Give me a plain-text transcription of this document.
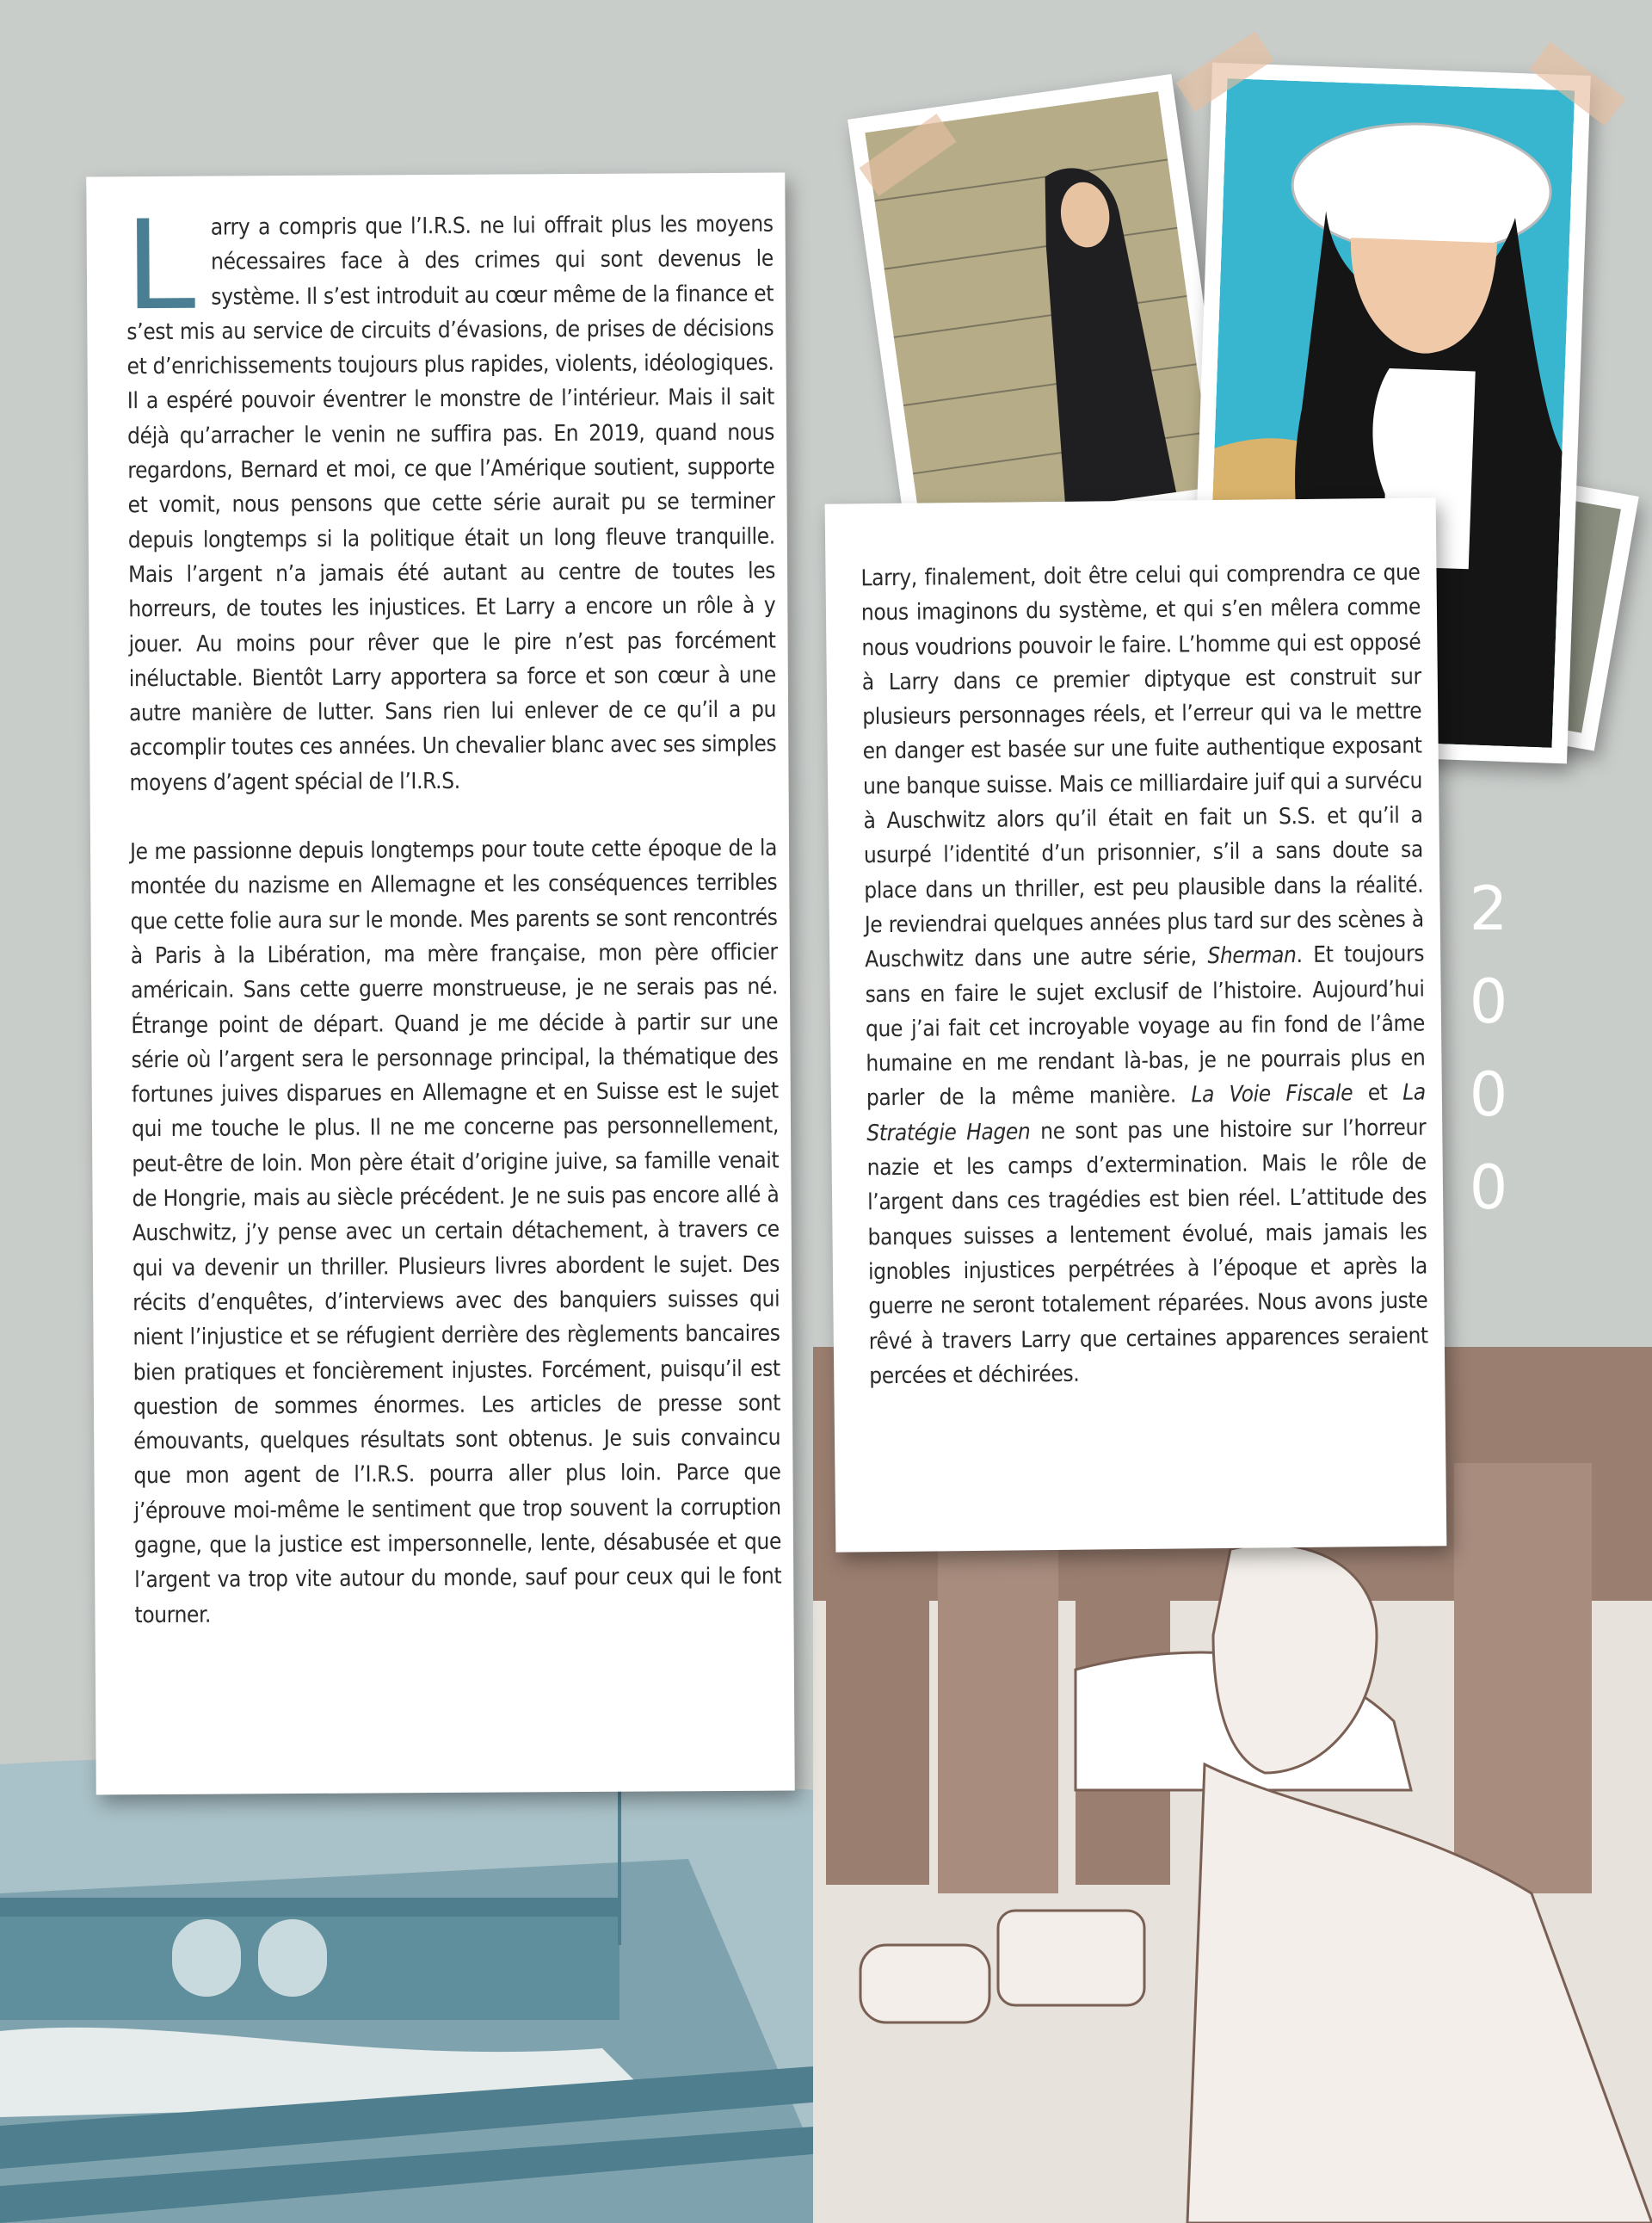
Larry a compris que l’I.R.S. ne lui offrait plus les moyens nécessaires face à des crimes qui sont devenus le système. Il s’est introduit au cœur même de la finance et s’est mis au service de circuits d’évasions, de prises de décisions et d’enrichissements toujours plus rapides, violents, idéologiques. Il a espéré pouvoir éventrer le monstre de l’intérieur. Mais il sait déjà qu’arracher le venin ne suffira pas. En 2019, quand nous regardons, Bernard et moi, ce que l’Amérique soutient, supporte et vomit, nous pensons que cette série aurait pu se terminer depuis longtemps si la politique était un long fleuve tranquille. Mais l’argent n’a jamais été autant au centre de toutes les horreurs, de toutes les injustices. Et Larry a encore un rôle à y jouer. Au moins pour rêver que le pire n’est pas forcément inéluctable. Bientôt Larry apportera sa force et son cœur à une autre manière de lutter. Sans rien lui enlever de ce qu’il a pu accomplir toutes ces années. Un chevalier blanc avec ses simples moyens d’agent spécial de l’I.R.S.

Je me passionne depuis longtemps pour toute cette époque de la montée du nazisme en Allemagne et les conséquences terribles que cette folie aura sur le monde. Mes parents se sont rencontrés à Paris à la Libération, ma mère française, mon père officier américain. Sans cette guerre monstrueuse, je ne serais pas né. Étrange point de départ. Quand je me décide à partir sur une série où l’argent sera le personnage principal, la thématique des fortunes juives disparues en Allemagne et en Suisse est le sujet qui me touche le plus. Il ne me concerne pas personnellement, peut-être de loin. Mon père était d’origine juive, sa famille venait de Hongrie, mais au siècle précédent. Je ne suis pas encore allé à Auschwitz, j’y pense avec un certain détachement, à travers ce qui va devenir un thriller. Plusieurs livres abordent le sujet. Des récits d’enquêtes, d’interviews avec des banquiers suisses qui nient l’injustice et se réfugient derrière des règlements bancaires bien pratiques et foncièrement injustes. Forcément, puisqu’il est question de sommes énormes. Les articles de presse sont émouvants, quelques résultats sont obtenus. Je suis convaincu que mon agent de l’I.R.S. pourra aller plus loin. Parce que j’éprouve moi-même le sentiment que trop souvent la corruption gagne, que la justice est impersonnelle, lente, désabusée et que l’argent va trop vite autour du monde, sauf pour ceux qui le font tourner.

Larry, finalement, doit être celui qui comprendra ce que nous imaginons du système, et qui s’en mêlera comme nous voudrions pouvoir le faire. L’homme qui est opposé à Larry dans ce premier diptyque est construit sur plusieurs personnages réels, et l’erreur qui va le mettre en danger est basée sur une fuite authentique exposant une banque suisse. Mais ce milliardaire juif qui a survécu à Auschwitz alors qu’il était en fait un S.S. et qu’il a usurpé l’identité d’un prisonnier, s’il a sans doute sa place dans un thriller, est peu plausible dans la réalité. Je reviendrai quelques années plus tard sur des scènes à Auschwitz dans une autre série, Sherman. Et toujours sans en faire le sujet exclusif de l’histoire. Aujourd’hui que j’ai fait cet incroyable voyage au fin fond de l’âme humaine en me rendant là-bas, je ne pourrais plus en parler de la même manière. La Voie Fiscale et La Stratégie Hagen ne sont pas une histoire sur l’horreur nazie et les camps d’extermination. Mais le rôle de l’argent dans ces tragédies est bien réel. L’attitude des banques suisses a lentement évolué, mais jamais les ignobles injustices perpétrées à l’époque et après la guerre ne seront totalement réparées. Nous avons juste rêvé à travers Larry que certaines apparences seraient percées et déchirées.

2
0
0
0
